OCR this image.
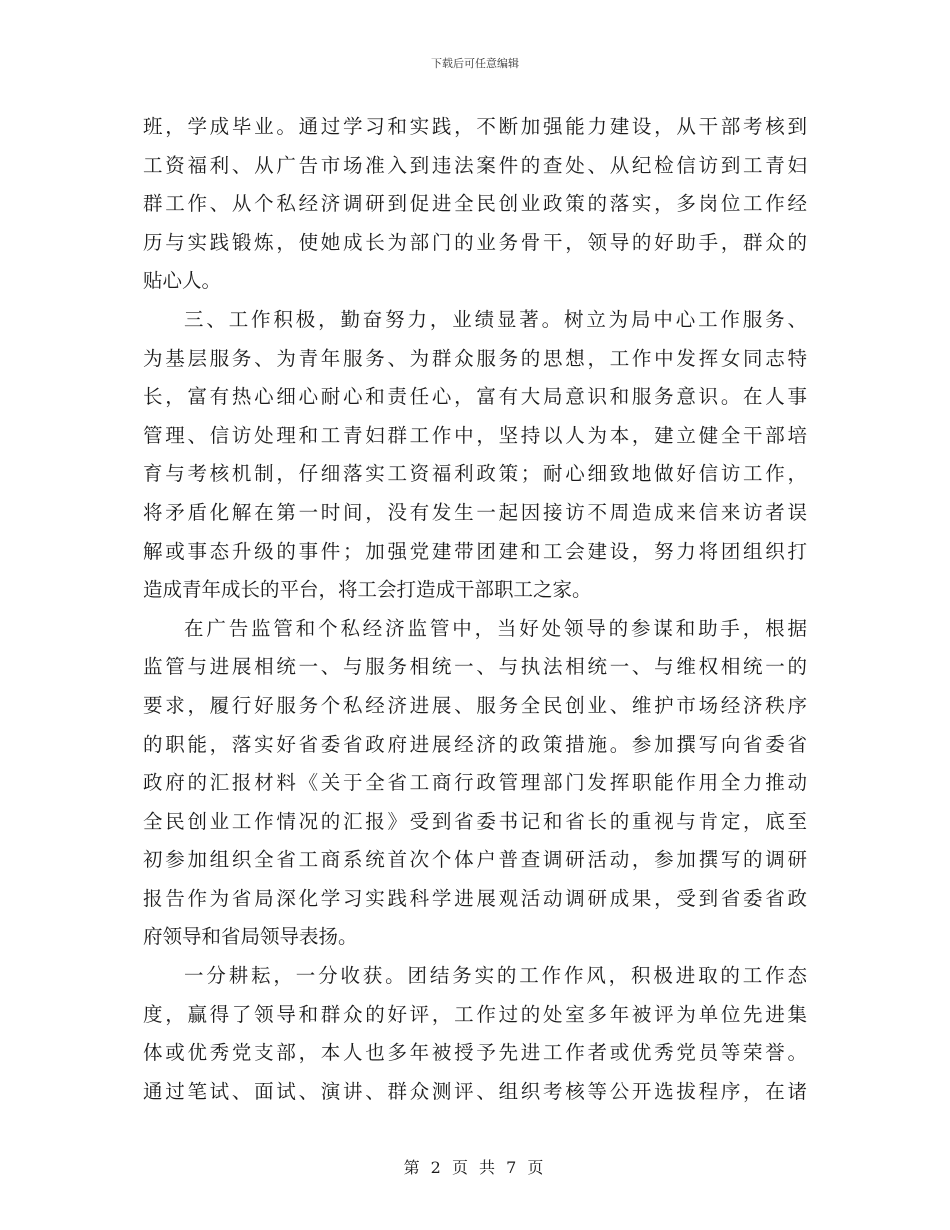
下载后可任意编辑
班，学成毕业。通过学习和实践，不断加强能力建设，从干部考核到
工资福利、从广告市场准入到违法案件的查处、从纪检信访到工青妇
群工作、从个私经济调研到促进全民创业政策的落实，多岗位工作经
历与实践锻炼，使她成长为部门的业务骨干，领导的好助手，群众的
贴心人。
三、工作积极，勤奋努力，业绩显著。树立为局中心工作服务、
为基层服务、为青年服务、为群众服务的思想，工作中发挥女同志特
长，富有热心细心耐心和责任心，富有大局意识和服务意识。在人事
管理、信访处理和工青妇群工作中，坚持以人为本，建立健全干部培
育与考核机制，仔细落实工资福利政策；耐心细致地做好信访工作，
将矛盾化解在第一时间，没有发生一起因接访不周造成来信来访者误
解或事态升级的事件；加强党建带团建和工会建设，努力将团组织打
造成青年成长的平台，将工会打造成干部职工之家。
在广告监管和个私经济监管中，当好处领导的参谋和助手，根据
监管与进展相统一、与服务相统一、与执法相统一、与维权相统一的
要求，履行好服务个私经济进展、服务全民创业、维护市场经济秩序
的职能，落实好省委省政府进展经济的政策措施。参加撰写向省委省
政府的汇报材料《关于全省工商行政管理部门发挥职能作用全力推动
全民创业工作情况的汇报》受到省委书记和省长的重视与肯定，底至
初参加组织全省工商系统首次个体户普查调研活动，参加撰写的调研
报告作为省局深化学习实践科学进展观活动调研成果，受到省委省政
府领导和省局领导表扬。
一分耕耘，一分收获。团结务实的工作作风，积极进取的工作态
度，赢得了领导和群众的好评，工作过的处室多年被评为单位先进集
体或优秀党支部，本人也多年被授予先进工作者或优秀党员等荣誉。
通过笔试、面试、演讲、群众测评、组织考核等公开选拔程序，在诸
第 2 页 共 7 页
